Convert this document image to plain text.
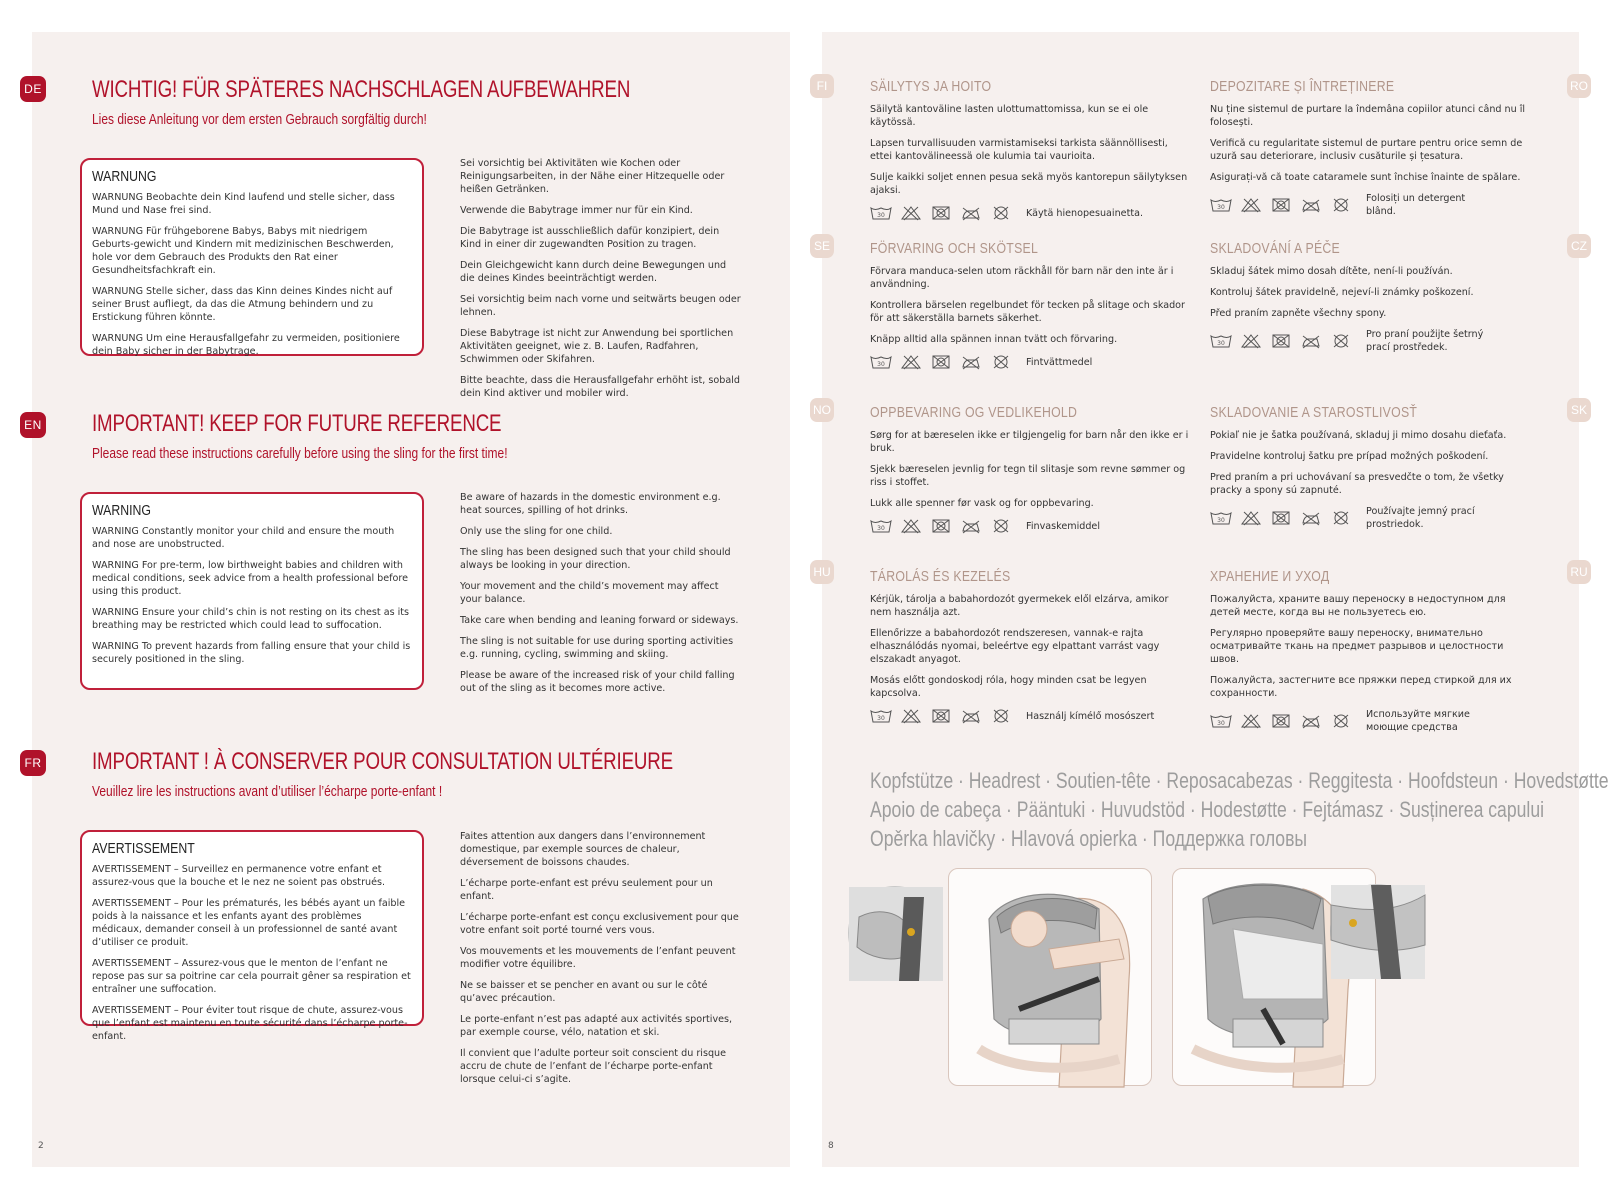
DE WICHTIG! FÜR SPÄTERES NACHSCHLAGEN AUFBEWAHREN
Lies diese Anleitung vor dem ersten Gebrauch sorgfältig durch!
WARNUNG
WARNUNG Beobachte dein Kind laufend und stelle sicher, dass Mund und Nase frei sind.
WARNUNG Für frühgeborene Babys, Babys mit niedrigem Geburts-gewicht und Kindern mit medizinischen Beschwerden, hole vor dem Gebrauch des Produkts den Rat einer Gesundheitsfachkraft ein.
WARNUNG Stelle sicher, dass das Kinn deines Kindes nicht auf seiner Brust aufliegt, da das die Atmung behindern und zu Erstickung führen könnte.
WARNUNG Um eine Herausfallgefahr zu vermeiden, positioniere dein Baby sicher in der Babytrage.

Sei vorsichtig bei Aktivitäten wie Kochen oder Reinigungsarbeiten, in der Nähe einer Hitzequelle oder heißen Getränken.

Verwende die Babytrage immer nur für ein Kind.

Die Babytrage ist ausschließlich dafür konzipiert, dein Kind in einer dir zugewandten Position zu tragen.

Dein Gleichgewicht kann durch deine Bewegungen und die deines Kindes beeinträchtigt werden.

Sei vorsichtig beim nach vorne und seitwärts beugen oder lehnen.

Diese Babytrage ist nicht zur Anwendung bei sportlichen Aktivitäten geeignet, wie z. B. Laufen, Radfahren, Schwimmen oder Skifahren.

Bitte beachte, dass die Herausfallgefahr erhöht ist, sobald dein Kind aktiver und mobiler wird.

EN IMPORTANT! KEEP FOR FUTURE REFERENCE
Please read these instructions carefully before using the sling for the first time!
WARNING
WARNING Constantly monitor your child and ensure the mouth and nose are unobstructed.
WARNING For pre-term, low birthweight babies and children with medical conditions, seek advice from a health professional before using this product.
WARNING Ensure your child’s chin is not resting on its chest as its breathing may be restricted which could lead to suffocation.
WARNING To prevent hazards from falling ensure that your child is securely positioned in the sling.

Be aware of hazards in the domestic environment e.g. heat sources, spilling of hot drinks.

Only use the sling for one child.

The sling has been designed such that your child should always be looking in your direction.

Your movement and the child’s movement may affect your balance.

Take care when bending and leaning forward or sideways.

The sling is not suitable for use during sporting activities e.g. running, cycling, swimming and skiing.

Please be aware of the increased risk of your child falling out of the sling as it becomes more active.

FR IMPORTANT ! À CONSERVER POUR CONSULTATION ULTÉRIEURE
Veuillez lire les instructions avant d’utiliser l’écharpe porte-enfant !
AVERTISSEMENT
AVERTISSEMENT – Surveillez en permanence votre enfant et assurez-vous que la bouche et le nez ne soient pas obstrués.
AVERTISSEMENT – Pour les prématurés, les bébés ayant un faible poids à la naissance et les enfants ayant des problèmes médicaux, demander conseil à un professionnel de santé avant d’utiliser ce produit.
AVERTISSEMENT – Assurez-vous que le menton de l’enfant ne repose pas sur sa poitrine car cela pourrait gêner sa respiration et entraîner une suffocation.
AVERTISSEMENT – Pour éviter tout risque de chute, assurez-vous que l’enfant est maintenu en toute sécurité dans l’écharpe porte-enfant.

Faites attention aux dangers dans l’environnement domestique, par exemple sources de chaleur, déversement de boissons chaudes.

L’écharpe porte-enfant est prévu seulement pour un enfant.

L’écharpe porte-enfant est conçu exclusivement pour que votre enfant soit porté tourné vers vous.

Vos mouvements et les mouvements de l’enfant peuvent modifier votre équilibre.

Ne se baisser et se pencher en avant ou sur le côté qu’avec précaution.

Le porte-enfant n’est pas adapté aux activités sportives, par exemple course, vélo, natation et ski.

Il convient que l’adulte porteur soit conscient du risque accru de chute de l’enfant de l’écharpe porte-enfant lorsque celui-ci s’agite.

2
FI	RO
SE	CZ
NO	SK
HU	RU
SÄILYTYS JA HOITO

Säilytä kantoväline lasten ulottumattomissa, kun se ei ole käytössä.

Lapsen turvallisuuden varmistamiseksi tarkista säännöllisesti, ettei kantovälineessä ole kulumia tai vaurioita.

Sulje kaikki soljet ennen pesua sekä myös kantorepun säilytyksen ajaksi.

30	Käytä hienopesuainetta.
DEPOZITARE ȘI ÎNTREȚINERE

Nu ține sistemul de purtare la îndemâna copiilor atunci când nu îl folosești.

Verifică cu regularitate sistemul de purtare pentru orice semn de uzură sau deteriorare, inclusiv cusăturile și țesatura.

Asigurați-vă că toate cataramele sunt închise înainte de spălare.

30
Folosiți un detergent blând.
FÖRVARING OCH SKÖTSEL

Förvara manduca-selen utom räckhåll för barn när den inte är i användning.

Kontrollera bärselen regelbundet för tecken på slitage och skador för att säkerställa barnets säkerhet.

Knäpp alltid alla spännen innan tvätt och förvaring.

30	Fintvättmedel
SKLADOVÁNÍ A PÉČE

Skladuj šátek mimo dosah dítěte, není-li používán.

Kontroluj šátek pravidelně, nejeví-li známky poškození.

Před praním zapněte všechny spony.

30
Pro praní použijte šetrný prací prostředek.
OPPBEVARING OG VEDLIKEHOLD

Sørg for at bæreselen ikke er tilgjengelig for barn når den ikke er i bruk.

Sjekk bæreselen jevnlig for tegn til slitasje som revne sømmer og riss i stoffet.

Lukk alle spenner før vask og for oppbevaring.

30	Finvaskemiddel
SKLADOVANIE A STAROSTLIVOSŤ

Pokiaľ nie je šatka používaná, skladuj ji mimo dosahu dieťaťa.

Pravidelne kontroluj šatku pre prípad možných poškodení.

Pred praním a pri uchovávaní sa presvedčte o tom, že všetky pracky a spony sú zapnuté.

30
Používajte jemný prací prostriedok.
TÁROLÁS ÉS KEZELÉS

Kérjük, tárolja a babahordozót gyermekek elől elzárva, amikor nem használja azt.

Ellenőrizze a babahordozót rendszeresen, vannak-e rajta elhasználódás nyomai, beleértve egy elpattant varrást vagy elszakadt anyagot.

Mosás előtt gondoskodj róla, hogy minden csat be legyen kapcsolva.

30	Használj kímélő mosószert
ХРАНЕНИЕ И УХОД

Пожалуйста, храните вашу переноску в недоступном для детей месте, когда вы не пользуетесь ею.

Регулярно проверяйте вашу переноску, внимательно осматривайте ткань на предмет разрывов и целостности швов.

Пожалуйста, застегните все пряжки перед стиркой для их сохранности.

30
Используйте мягкие моющие средства
Kopfstütze · Headrest · Soutien-tête · Reposacabezas · Reggitesta · Hoofdsteun · Hovedstøtte
Apoio de cabeça · Pääntuki · Huvudstöd · Hodestøtte · Fejtámasz · Susținerea capului
Opěrka hlavičky · Hlavová opierka · Поддержка головы
8
